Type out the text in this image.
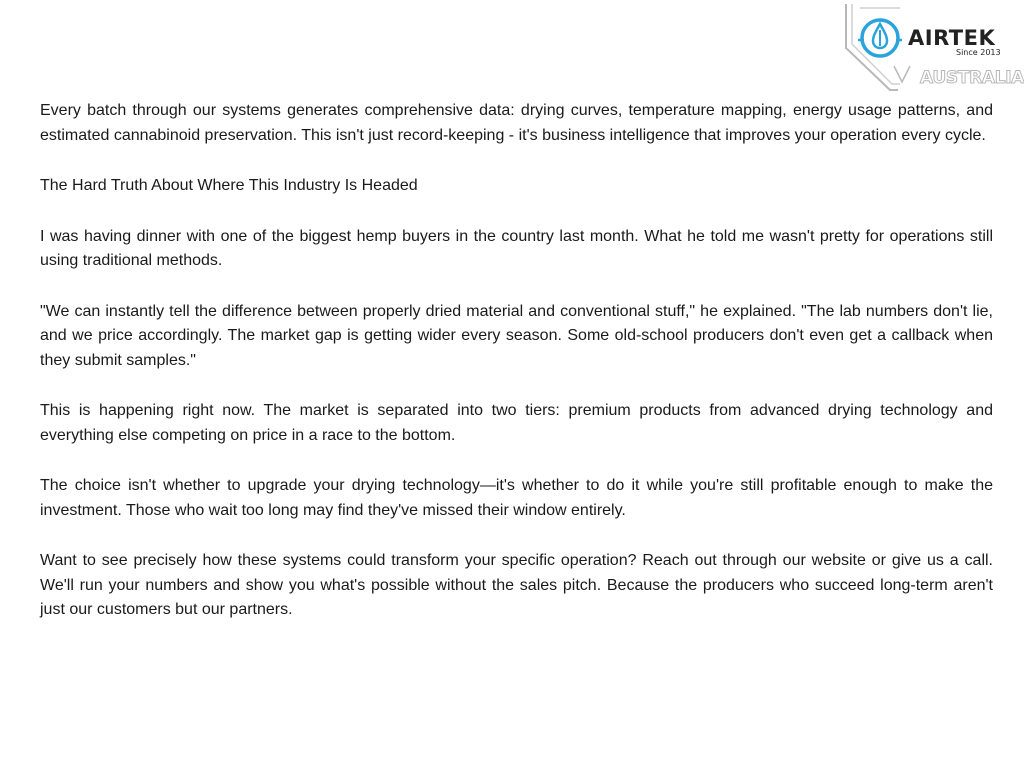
AIRTEK
Since 2013
AUSTRALIA

Every batch through our systems generates comprehensive data: drying curves, temperature mapping, energy usage patterns, and estimated cannabinoid preservation. This isn't just record-keeping - it's business intelligence that improves your operation every cycle.

The Hard Truth About Where This Industry Is Headed

I was having dinner with one of the biggest hemp buyers in the country last month. What he told me wasn't pretty for operations still using traditional methods.

"We can instantly tell the difference between properly dried material and conventional stuff," he explained. "The lab numbers don't lie, and we price accordingly. The market gap is getting wider every season. Some old-school producers don't even get a callback when they submit samples."

This is happening right now. The market is separated into two tiers: premium products from advanced drying technology and everything else competing on price in a race to the bottom.

The choice isn't whether to upgrade your drying technology—it's whether to do it while you're still profitable enough to make the investment. Those who wait too long may find they've missed their window entirely.

Want to see precisely how these systems could transform your specific operation? Reach out through our website or give us a call. We'll run your numbers and show you what's possible without the sales pitch. Because the producers who succeed long-term aren't just our customers but our partners.
